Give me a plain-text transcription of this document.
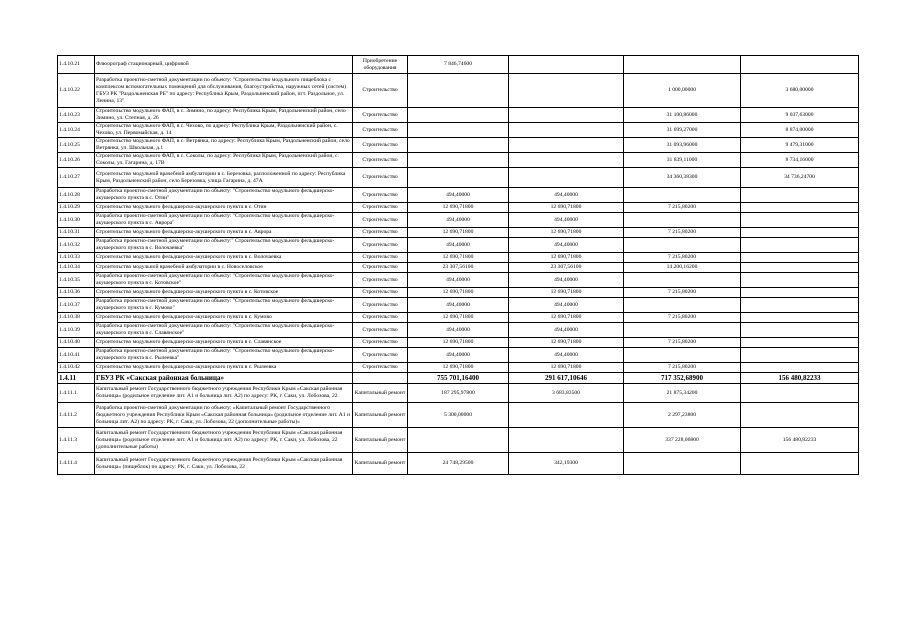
1.4.10.21	Флюорограф стационарный, цифровой	Приобретение оборудования	7 846,74600			
1.4.10.22	Разработка проектно-сметной документации по объекту: "Строительство модульного пищеблока с комплексом вспомогательных помещений для обслуживания, благоустройства, наружных сетей (систем) ГБУЗ РК "Раздольненская РБ" по адресу: Республика Крым, Раздольненский район, пгт. Раздольное, ул. Ленина, 13"	Строительство			1 000,00000	3 680,00000
1.4.10.23	Строительство модульного ФАП, в с. Зимино, по адресу: Республика Крым, Раздольненский район, село Зимино, ул. Степная, д. 26	Строительство			31 100,86000	9 037,63000
1.4.10.24	Строительство модульного ФАП, в с. Чехово, по адресу: Республика Крым, Раздольненский район, с. Чехово, ул. Первомайская, д. 14	Строительство			31 699,27000	8 874,00000
1.4.10.25	Строительство модульного ФАП, в с. Ветрянка, по адресу: Республика Крым, Раздольненский район, село Ветрянка, ул. Школьная, д.1	Строительство			31 093,96000	9 479,31000
1.4.10.26	Строительство модульного ФАП, в с. Соколы, по адресу: Республика Крым, Раздольненский район, с. Соколы, ул. Гагарина, д. 17В	Строительство			31 839,11000	8 734,16000
1.4.10.27	Строительство модульной врачебной амбулатории в с. Березовка, расположенной по адресу: Республика Крым, Раздольненский район, село Березовка, улица Гагарина, д. 47А	Строительство			34 360,38300	34 736,24700
1.4.10.28	Разработка проектно-сметной документации по объекту: "Строительство модульного фельдшерско-акушерского пункта в с. Отин"	Строительство	494,40000	494,40000		
1.4.10.29	Строительство модульного фельдшерско-акушерского пункта в с. Отин	Строительство	12 690,71800	12 690,71800	7 215,80200	
1.4.10.30	Разработка проектно-сметной документации по объекту: "Строительство модульного фельдшерско-акушерского пункта в с. Аврора"	Строительство	494,40000	494,40000		
1.4.10.31	Строительство модульного фельдшерско-акушерского пункта в с. Аврора	Строительство	12 690,71800	12 690,71800	7 215,80200	
1.4.10.32	Разработка проектно-сметной документации по объекту:" Строительство модульного фельдшерско-акушерского пункта в с. Волочаевка"	Строительство	494,40000	494,40000		
1.4.10.33	Строительство модульного фельдшерско-акушерского пункта в с. Волочаевка	Строительство	12 690,71800	12 690,71800	7 215,80200	
1.4.10.34	Строительство модульной врачебной амбулатории в с. Новоселовское	Строительство	23 307,56100	23 307,56100	14 200,16200	
1.4.10.35	Разработка проектно-сметной документации по объекту: "Строительство модульного фельдшерско-акушерского пункта в с. Котовское"	Строительство	494,40000	494,40000		
1.4.10.36	Строительство модульного фельдшерско-акушерского пункта в с. Котовское	Строительство	12 690,71800	12 690,71800	7 215,80200	
1.4.10.37	Разработка проектно-сметной документации по объекту: "Строительство модульного фельдшерско-акушерского пункта в с. Кумово"	Строительство	494,40000	494,40000		
1.4.10.38	Строительство модульного фельдшерско-акушерского пункта в с. Кумово	Строительство	12 690,71800	12 690,71800	7 215,80200	
1.4.10.39	Разработка проектно-сметной документации по объекту: "Строительство модульного фельдшерско-акушерского пункта в с. Славянское"	Строительство	494,40000	494,40000		
1.4.10.40	Строительство модульного фельдшерско-акушерского пункта в с. Славянское	Строительство	12 690,71800	12 690,71800	7 215,80200	
1.4.10.41	Разработка проектно-сметной документации по объекту: "Строительство модульного фельдшерско-акушерского пункта в с. Рылеевка"	Строительство	494,40000	494,40000		
1.4.10.42	Строительство модульного фельдшерско-акушерского пункта в с. Рылеевка	Строительство	12 690,71800	12 690,71800	7 215,80200	
1.4.11	ГБУЗ РК «Сакская районная больница»		755 701,16400	291 617,10646	717 352,68900	156 480,82233
1.4.11.1	Капитальный ремонт Государственного бюджетного учреждения Республики Крым «Сакская районная больница» (родильное отделение лит. А1 и больница лит. А2) по адресу: РК, г. Саки, ул. Лобозова, 22	Капитальный ремонт	187 295,97800	3 683,83500	21 875,34200	
1.4.11.2	Разработка проектно-сметной документации по объекту: «Капитальный ремонт Государственного бюджетного учреждения Республики Крым «Сакская районная больница» (родильное отделение лит. А1 и больница лит. А2) по адресу: РК, г. Саки, ул. Лобозова, 22 (дополнительные работы)»	Капитальный ремонт	5 300,00000		2 297,23800	
1.4.11.3	Капитальный ремонт Государственного бюджетного учреждения Республики Крым «Сакская районная больница» (родильное отделение лит. А1 и больница лит. А2) по адресу: РК, г. Саки, ул. Лобозова, 22 (дополнительные работы)	Капитальный ремонт			337 228,06800	156 480,82233
1.4.11.4	Капитальный ремонт Государственного бюджетного учреждения Республики Крым «Сакская районная больница» (пищеблок) по адресу: РК, г. Саки, ул. Лобозова, 22	Капитальный ремонт	24 748,29500	342,19300		
